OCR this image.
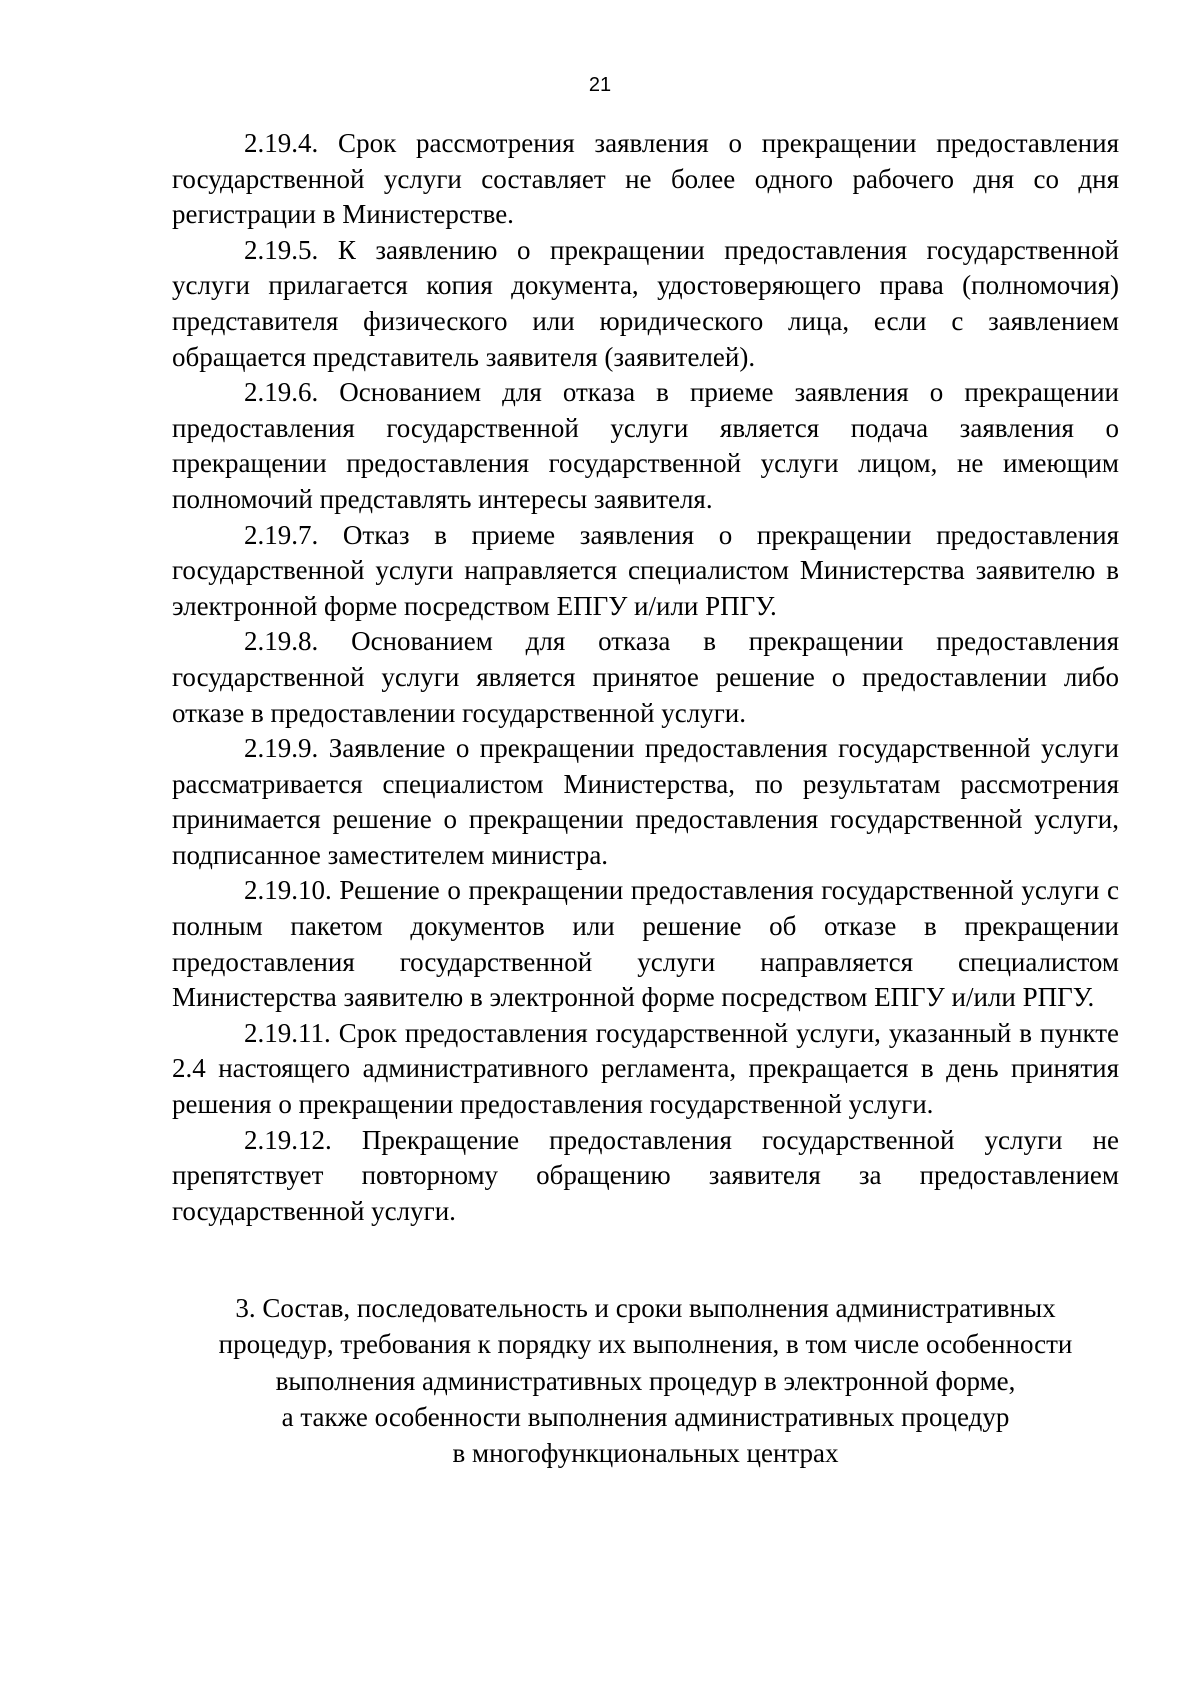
21

2.19.4. Срок рассмотрения заявления о прекращении предоставления государственной услуги составляет не более одного рабочего дня со дня регистрации в Министерстве.

2.19.5. К заявлению о прекращении предоставления государственной услуги прилагается копия документа, удостоверяющего права (полномочия) представителя физического или юридического лица, если с заявлением обращается представитель заявителя (заявителей).

2.19.6. Основанием для отказа в приеме заявления о прекращении предоставления государственной услуги является подача заявления о прекращении предоставления государственной услуги лицом, не имеющим полномочий представлять интересы заявителя.

2.19.7. Отказ в приеме заявления о прекращении предоставления государственной услуги направляется специалистом Министерства заявителю в электронной форме посредством ЕПГУ и/или РПГУ.

2.19.8. Основанием для отказа в прекращении предоставления государственной услуги является принятое решение о предоставлении либо отказе в предоставлении государственной услуги.

2.19.9. Заявление о прекращении предоставления государственной услуги рассматривается специалистом Министерства, по результатам рассмотрения принимается решение о прекращении предоставления государственной услуги, подписанное заместителем министра.

2.19.10. Решение о прекращении предоставления государственной услуги с полным пакетом документов или решение об отказе в прекращении предоставления государственной услуги направляется специалистом Министерства заявителю в электронной форме посредством ЕПГУ и/или РПГУ.

2.19.11. Срок предоставления государственной услуги, указанный в пункте 2.4 настоящего административного регламента, прекращается в день принятия решения о прекращении предоставления государственной услуги.

2.19.12. Прекращение предоставления государственной услуги не препятствует повторному обращению заявителя за предоставлением государственной услуги.

3. Состав, последовательность и сроки выполнения административных
процедур, требования к порядку их выполнения, в том числе особенности
выполнения административных процедур в электронной форме,
а также особенности выполнения административных процедур
в многофункциональных центрах
